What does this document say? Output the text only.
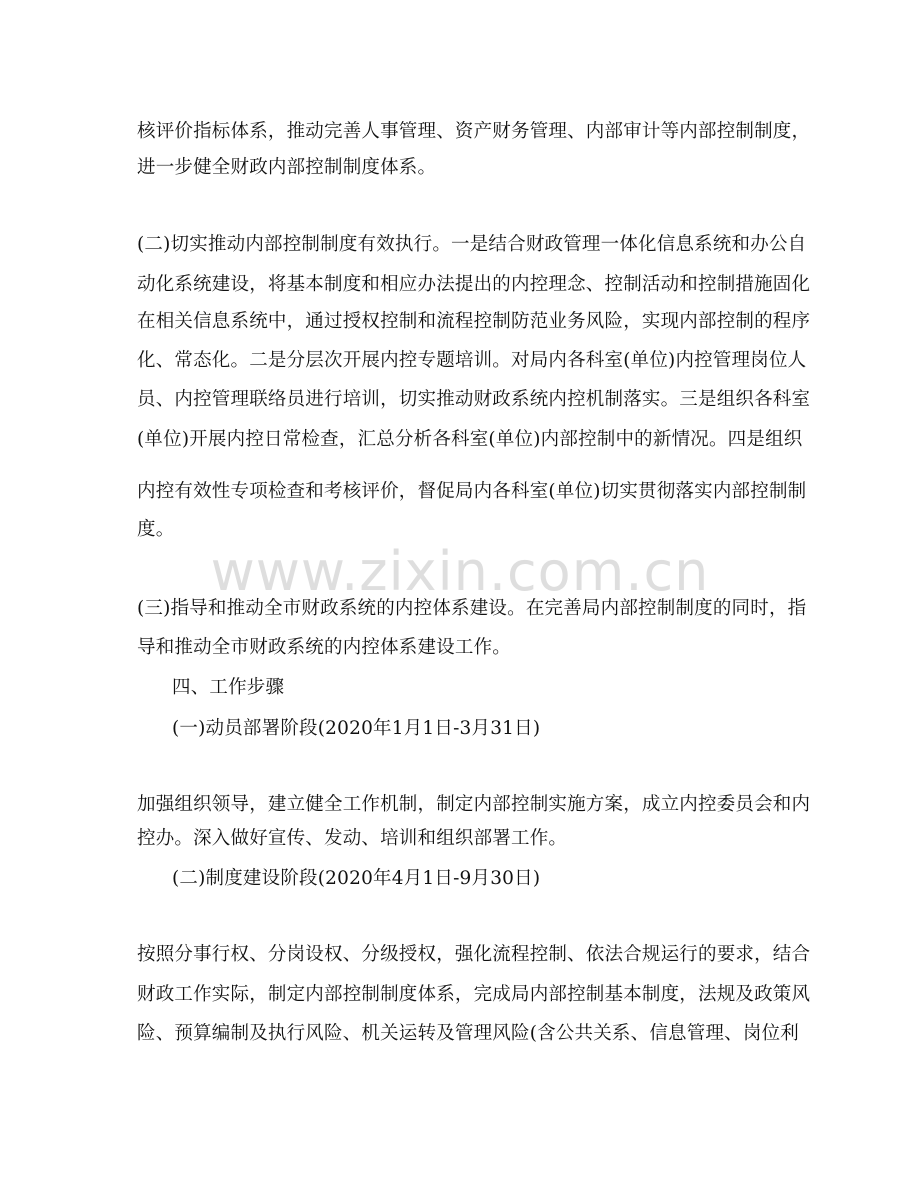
核评价指标体系，推动完善人事管理、资产财务管理、内部审计等内部控制制度，
进一步健全财政内部控制制度体系。
(二)切实推动内部控制制度有效执行。一是结合财政管理一体化信息系统和办公自
动化系统建设，将基本制度和相应办法提出的内控理念、控制活动和控制措施固化
在相关信息系统中，通过授权控制和流程控制防范业务风险，实现内部控制的程序
化、常态化。二是分层次开展内控专题培训。对局内各科室(单位)内控管理岗位人
员、内控管理联络员进行培训，切实推动财政系统内控机制落实。三是组织各科室
(单位)开展内控日常检查，汇总分析各科室(单位)内部控制中的新情况。四是组织
内控有效性专项检查和考核评价，督促局内各科室(单位)切实贯彻落实内部控制制
度。
(三)指导和推动全市财政系统的内控体系建设。在完善局内部控制制度的同时，指
导和推动全市财政系统的内控体系建设工作。
四、工作步骤
(一)动员部署阶段(2020年1月1日-3月31日)
加强组织领导，建立健全工作机制，制定内部控制实施方案，成立内控委员会和内
控办。深入做好宣传、发动、培训和组织部署工作。
(二)制度建设阶段(2020年4月1日-9月30日)
按照分事行权、分岗设权、分级授权，强化流程控制、依法合规运行的要求，结合
财政工作实际，制定内部控制制度体系，完成局内部控制基本制度，法规及政策风
险、预算编制及执行风险、机关运转及管理风险(含公共关系、信息管理、岗位利
www.zixin.com.cn
